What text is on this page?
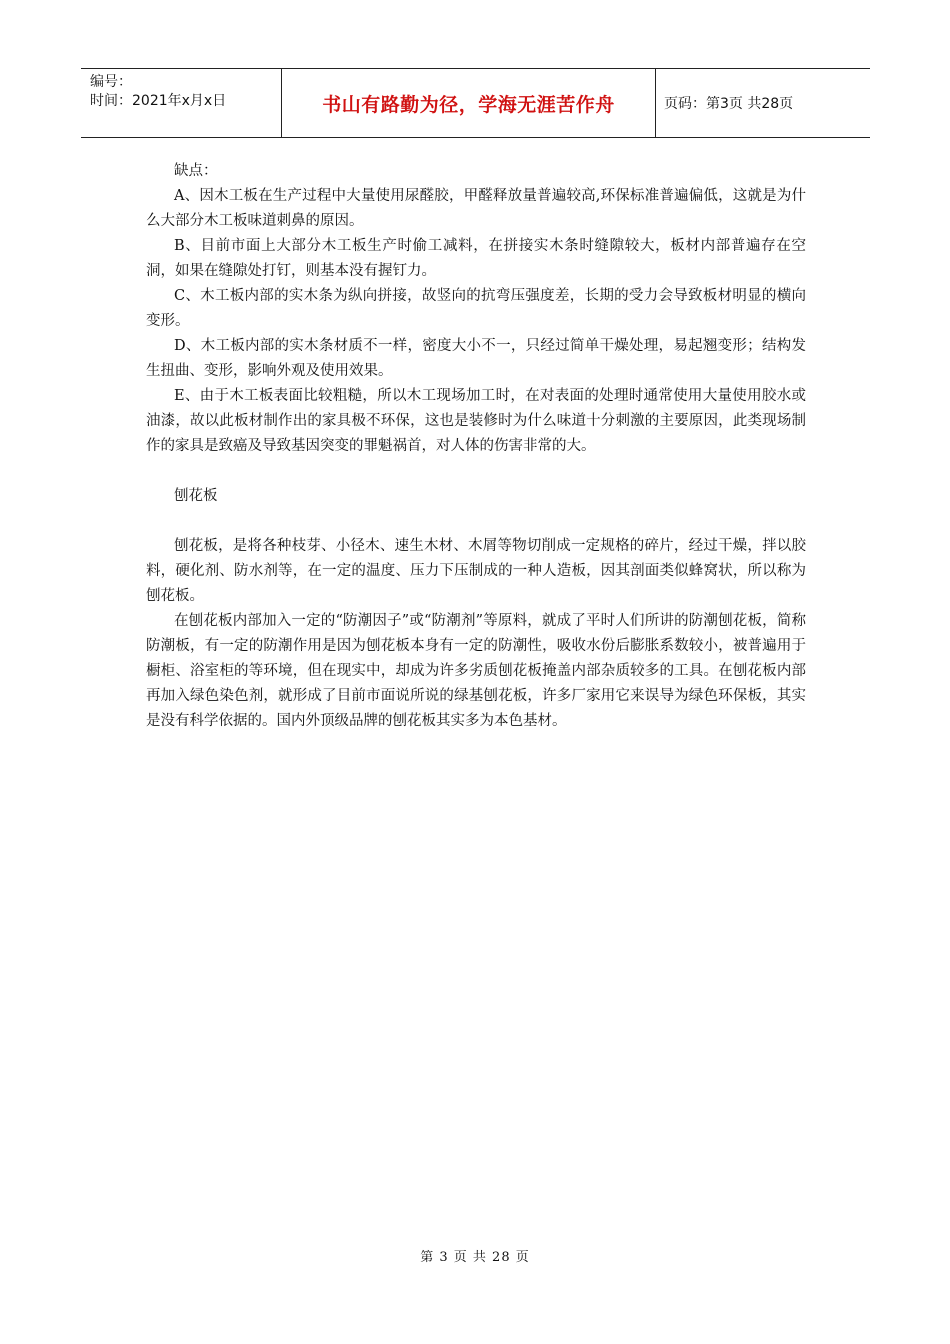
编号：
时间：2021年x月x日	书山有路勤为径，学海无涯苦作舟	页码：第3页 共28页

缺点：

A、因木工板在生产过程中大量使用尿醛胶，甲醛释放量普遍较高,环保标准普遍偏低，这就是为什么大部分木工板味道刺鼻的原因。

B、目前市面上大部分木工板生产时偷工减料，在拼接实木条时缝隙较大，板材内部普遍存在空洞，如果在缝隙处打钉，则基本没有握钉力。

C、木工板内部的实木条为纵向拼接，故竖向的抗弯压强度差，长期的受力会导致板材明显的横向变形。

D、木工板内部的实木条材质不一样，密度大小不一，只经过简单干燥处理，易起翘变形；结构发生扭曲、变形，影响外观及使用效果。

E、由于木工板表面比较粗糙，所以木工现场加工时，在对表面的处理时通常使用大量使用胶水或油漆，故以此板材制作出的家具极不环保，这也是装修时为什么味道十分刺激的主要原因，此类现场制作的家具是致癌及导致基因突变的罪魁祸首，对人体的伤害非常的大。

刨花板

刨花板，是将各种枝芽、小径木、速生木材、木屑等物切削成一定规格的碎片，经过干燥，拌以胶料，硬化剂、防水剂等，在一定的温度、压力下压制成的一种人造板，因其剖面类似蜂窝状，所以称为刨花板。

在刨花板内部加入一定的“防潮因子”或“防潮剂”等原料，就成了平时人们所讲的防潮刨花板，简称防潮板，有一定的防潮作用是因为刨花板本身有一定的防潮性，吸收水份后膨胀系数较小，被普遍用于橱柜、浴室柜的等环境，但在现实中，却成为许多劣质刨花板掩盖内部杂质较多的工具。在刨花板内部再加入绿色染色剂，就形成了目前市面说所说的绿基刨花板，许多厂家用它来误导为绿色环保板，其实是没有科学依据的。国内外顶级品牌的刨花板其实多为本色基材。

第 3 页 共 28 页
